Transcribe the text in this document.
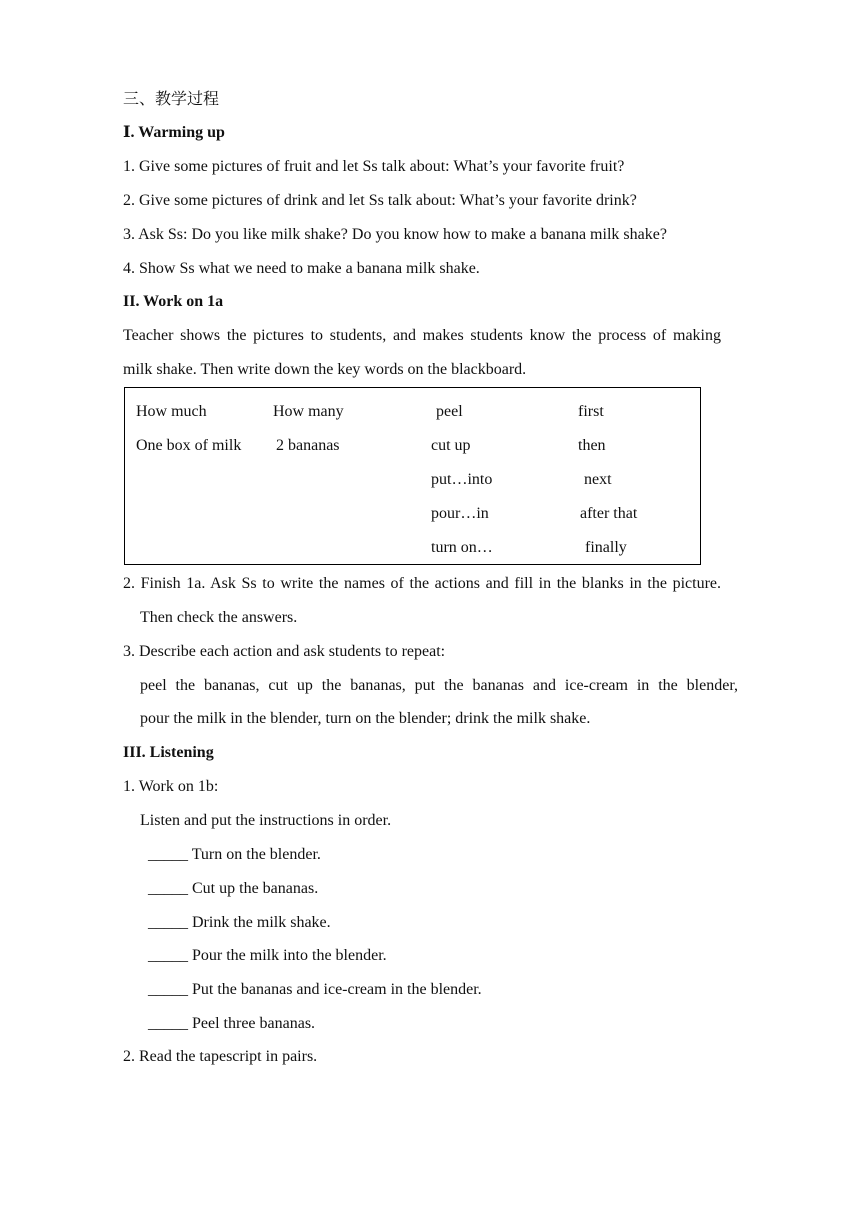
三、教学过程
Ⅰ. Warming up
1. Give some pictures of fruit and let Ss talk about: What’s your favorite fruit?
2. Give some pictures of drink and let Ss talk about: What’s your favorite drink?
3. Ask Ss: Do you like milk shake? Do you know how to make a banana milk shake?
4. Show Ss what we need to make a banana milk shake.
II. Work on 1a
Teacher shows the pictures to students, and makes students know the process of making
milk shake. Then write down the key words on the blackboard.
How much
One box of milk
How many
2 bananas
peel
cut up
put…into
pour…in
turn on…
first
then
next
after that
finally
2. Finish 1a. Ask Ss to write the names of the actions and fill in the blanks in the picture.
Then check the answers.
3. Describe each action and ask students to repeat:
peel the bananas, cut up the bananas, put the bananas and ice-cream in the blender,
pour the milk in the blender, turn on the blender; drink the milk shake.
III. Listening
1. Work on 1b:
Listen and put the instructions in order.
_____ Turn on the blender.
_____ Cut up the bananas.
_____ Drink the milk shake.
_____ Pour the milk into the blender.
_____ Put the bananas and ice-cream in the blender.
_____ Peel three bananas.
2. Read the tapescript in pairs.
